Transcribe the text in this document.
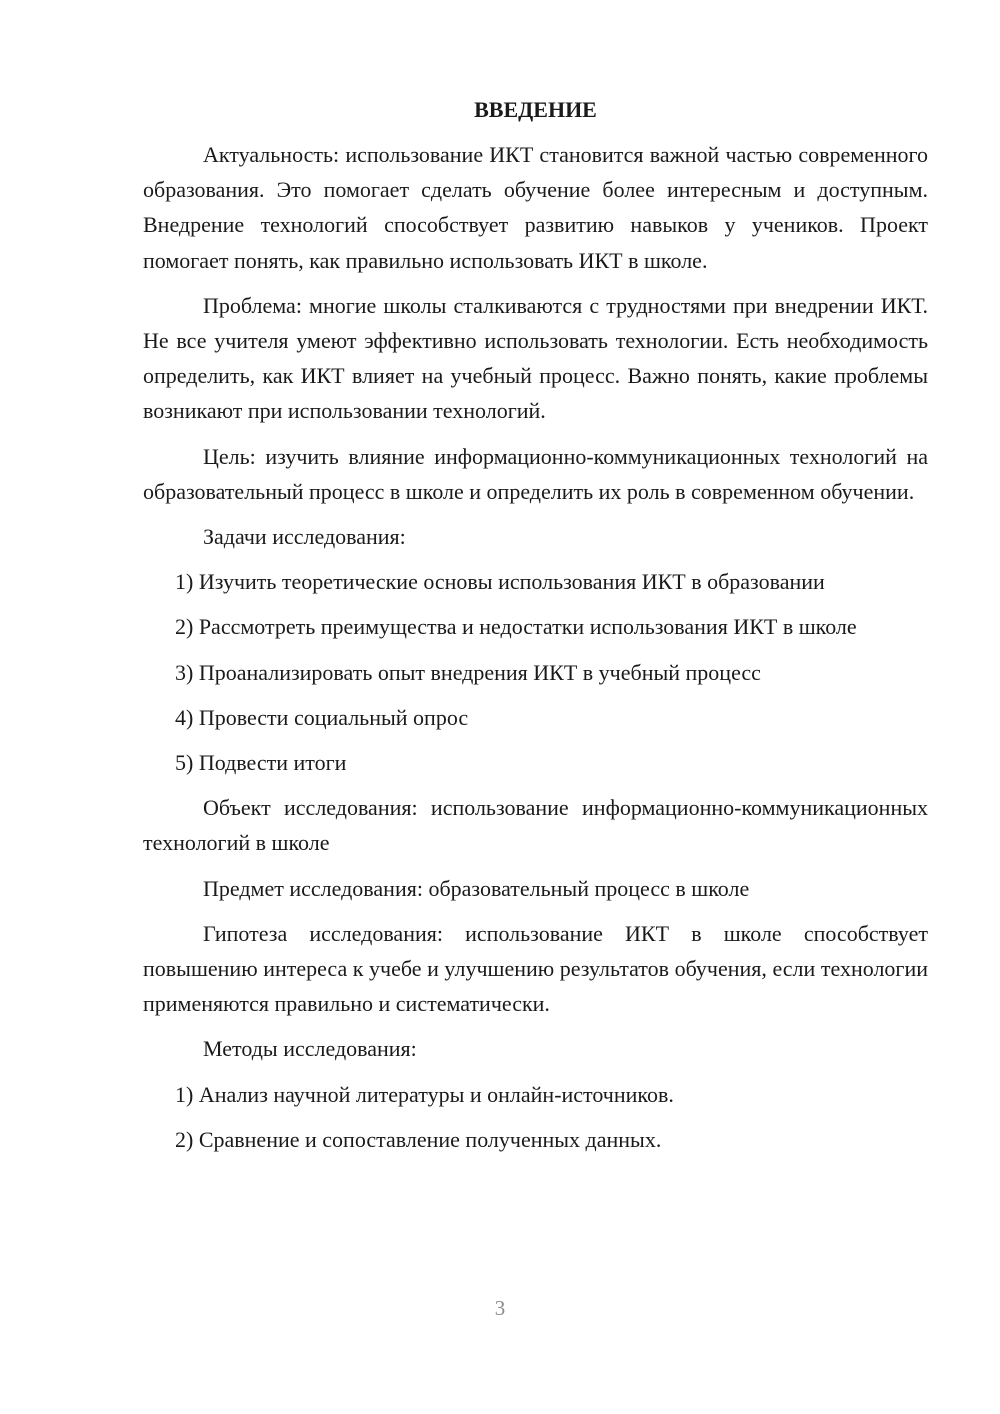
ВВЕДЕНИЕ

Актуальность: использование ИКТ становится важной частью современного образования. Это помогает сделать обучение более интересным и доступным. Внедрение технологий способствует развитию навыков у учеников. Проект помогает понять, как правильно использовать ИКТ в школе.

Проблема: многие школы сталкиваются с трудностями при внедрении ИКТ. Не все учителя умеют эффективно использовать технологии. Есть необходимость определить, как ИКТ влияет на учебный процесс. Важно понять, какие проблемы возникают при использовании технологий.

Цель: изучить влияние информационно-коммуникационных технологий на образовательный процесс в школе и определить их роль в современном обучении.

Задачи исследования:

1) Изучить теоретические основы использования ИКТ в образовании

2) Рассмотреть преимущества и недостатки использования ИКТ в школе

3) Проанализировать опыт внедрения ИКТ в учебный процесс

4) Провести социальный опрос

5) Подвести итоги

Объект исследования: использование информационно-коммуникационных технологий в школе

Предмет исследования: образовательный процесс в школе

Гипотеза исследования: использование ИКТ в школе способствует повышению интереса к учебе и улучшению результатов обучения, если технологии применяются правильно и систематически.

Методы исследования:

1) Анализ научной литературы и онлайн-источников.

2) Сравнение и сопоставление полученных данных.

3
